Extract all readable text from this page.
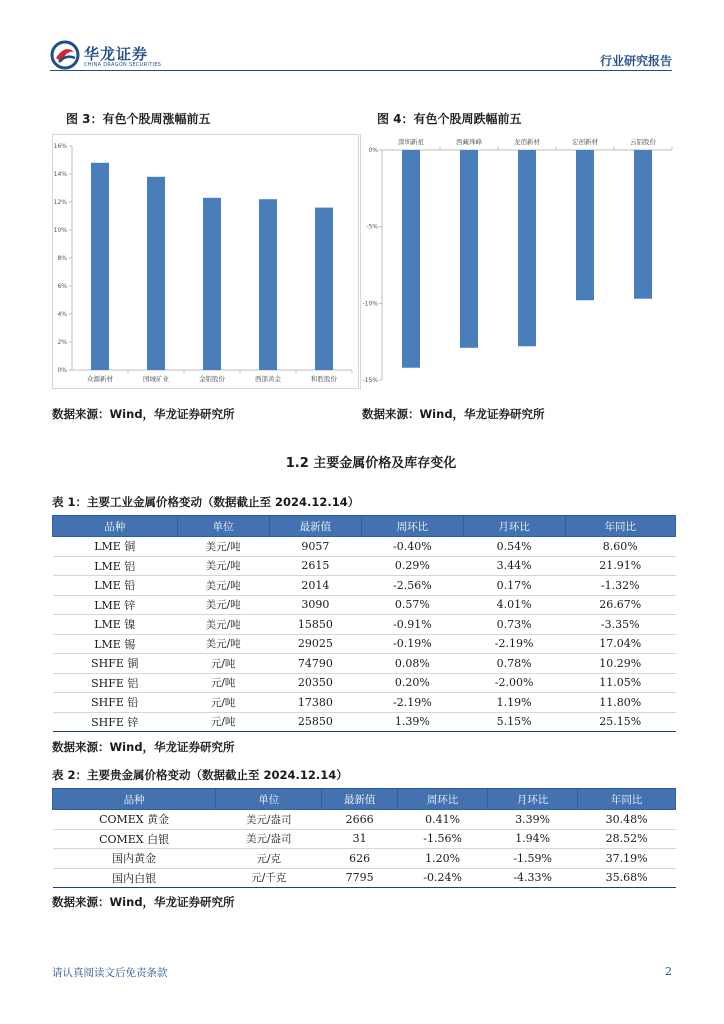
华龙证券
CHINA DRAGON SECURITIES	行业研究报告
图 3：有色个股周涨幅前五	图 4：有色个股周跌幅前五
0%
2%
4%
6%
8%
10%
12%
14%
16%
众源新材	国城矿业	金钼股份	西部黄金	和胜股份
0%
-5%
-10%
-15%
深圳新星	西藏珠峰	龙佰新材	宏创新材	云铝股份
数据来源：Wind，华龙证券研究所	数据来源：Wind，华龙证券研究所
1.2 主要金属价格及库存变化
表 1：主要工业金属价格变动（数据截止至 2024.12.14）
品种	单位	最新值	周环比	月环比	年同比
LME 铜	美元/吨	9057	-0.40%	0.54%	8.60%
LME 铝	美元/吨	2615	0.29%	3.44%	21.91%
LME 铅	美元/吨	2014	-2.56%	0.17%	-1.32%
LME 锌	美元/吨	3090	0.57%	4.01%	26.67%
LME 镍	美元/吨	15850	-0.91%	0.73%	-3.35%
LME 锡	美元/吨	29025	-0.19%	-2.19%	17.04%
SHFE 铜	元/吨	74790	0.08%	0.78%	10.29%
SHFE 铝	元/吨	20350	0.20%	-2.00%	11.05%
SHFE 铅	元/吨	17380	-2.19%	1.19%	11.80%
SHFE 锌	元/吨	25850	1.39%	5.15%	25.15%
数据来源：Wind，华龙证券研究所
表 2：主要贵金属价格变动（数据截止至 2024.12.14）
品种	单位	最新值	周环比	月环比	年同比
COMEX 黄金	美元/盎司	2666	0.41%	3.39%	30.48%
COMEX 白银	美元/盎司	31	-1.56%	1.94%	28.52%
国内黄金	元/克	626	1.20%	-1.59%	37.19%
国内白银	元/千克	7795	-0.24%	-4.33%	35.68%
数据来源：Wind，华龙证券研究所
请认真阅读文后免责条款	2
